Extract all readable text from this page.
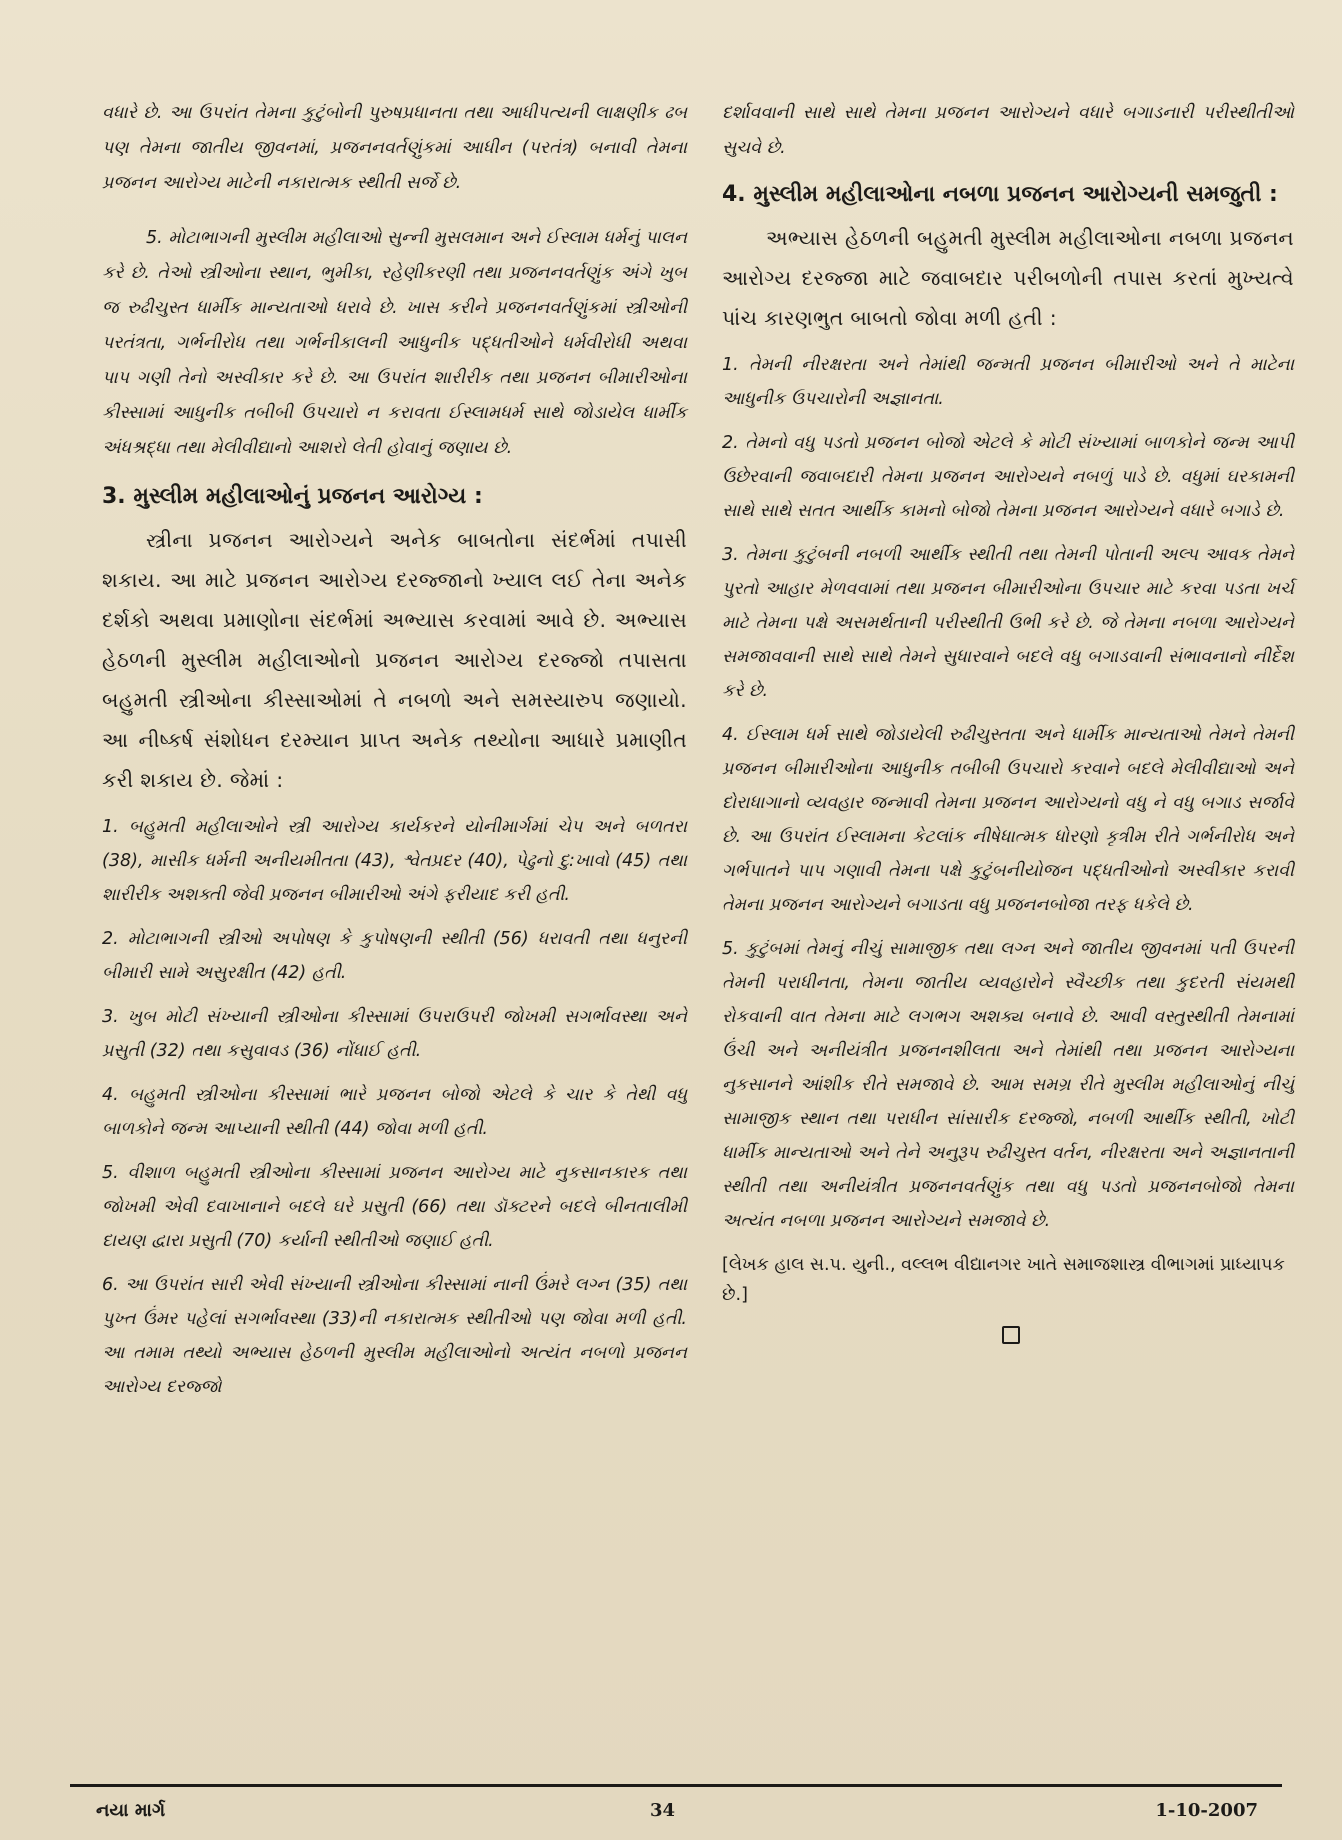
વધારે છે. આ ઉપરાંત તેમના કુટુંબોની પુરુષપ્રધાનતા તથા આધીપત્યની લાક્ષણીક ઢબ પણ તેમના જાતીય જીવનમાં, પ્રજનનવર્તણુંકમાં આધીન (પરતંત્ર) બનાવી તેમના પ્રજનન આરોગ્ય માટેની નકારાત્મક સ્થીતી સર્જે છે.

5. મોટાભાગની મુસ્લીમ મહીલાઓ સુન્ની મુસલમાન અને ઈસ્લામ ધર્મનું પાલન કરે છે. તેઓ સ્ત્રીઓના સ્થાન, ભુમીકા, રહેણીકરણી તથા પ્રજનનવર્તણુંક અંગે ખુબ જ રુઢીચુસ્ત ધાર્મીક માન્યતાઓ ધરાવે છે. ખાસ કરીને પ્રજનનવર્તણુંકમાં સ્ત્રીઓની પરતંત્રતા, ગર્ભનીરોધ તથા ગર્ભનીકાલની આધુનીક પદ્ધતીઓને ધર્મવીરોધી અથવા પાપ ગણી તેનો અસ્વીકાર કરે છે. આ ઉપરાંત શારીરીક તથા પ્રજનન બીમારીઓના કીસ્સામાં આધુનીક તબીબી ઉપચારો ન કરાવતા ઈસ્લામધર્મ સાથે જોડાયેલ ધાર્મીક અંધશ્રદ્ધા તથા મેલીવીદ્યાનો આશરો લેતી હોવાનું જણાય છે.

3. મુસ્લીમ મહીલાઓનું પ્રજનન આરોગ્ય :

સ્ત્રીના પ્રજનન આરોગ્યને અનેક બાબતોના સંદર્ભમાં તપાસી શકાય. આ માટે પ્રજનન આરોગ્ય દરજ્જાનો ખ્યાલ લઈ તેના અનેક દર્શકો અથવા પ્રમાણોના સંદર્ભમાં અભ્યાસ કરવામાં આવે છે. અભ્યાસ હેઠળની મુસ્લીમ મહીલાઓનો પ્રજનન આરોગ્ય દરજ્જો તપાસતા બહુમતી સ્ત્રીઓના કીસ્સાઓમાં તે નબળો અને સમસ્યારુપ જણાયો. આ નીષ્કર્ષ સંશોધન દરમ્યાન પ્રાપ્ત અનેક તથ્યોના આધારે પ્રમાણીત કરી શકાય છે. જેમાં :

1. બહુમતી મહીલાઓને સ્ત્રી આરોગ્ય કાર્યકરને યોનીમાર્ગમાં ચેપ અને બળતરા (38), માસીક ધર્મની અનીયમીતતા (43), શ્વેતપ્રદર (40), પેઢુનો દુ:ખાવો (45) તથા શારીરીક અશક્તી જેવી પ્રજનન બીમારીઓ અંગે ફરીયાદ કરી હતી.

2. મોટાભાગની સ્ત્રીઓ અપોષણ કે કુપોષણની સ્થીતી (56) ધરાવતી તથા ધનુરની બીમારી સામે અસુરક્ષીત (42) હતી.

3. ખુબ મોટી સંખ્યાની સ્ત્રીઓના કીસ્સામાં ઉપરાઉપરી જોખમી સગર્ભાવસ્થા અને પ્રસુતી (32) તથા કસુવાવડ (36) નોંધાઈ હતી.

4. બહુમતી સ્ત્રીઓના કીસ્સામાં ભારે પ્રજનન બોજો એટલે કે ચાર કે તેથી વધુ બાળકોને જન્મ આપ્યાની સ્થીતી (44) જોવા મળી હતી.

5. વીશાળ બહુમતી સ્ત્રીઓના કીસ્સામાં પ્રજનન આરોગ્ય માટે નુકસાનકારક તથા જોખમી એવી દવાખાનાને બદલે ઘરે પ્રસુતી (66) તથા ડૉક્ટરને બદલે બીનતાલીમી દાયણ દ્વારા પ્રસુતી (70) કર્યાની સ્થીતીઓ જણાઈ હતી.

6. આ ઉપરાંત સારી એવી સંખ્યાની સ્ત્રીઓના કીસ્સામાં નાની ઉંમરે લગ્ન (35) તથા પુખ્ત ઉંમર પહેલાં સગર્ભાવસ્થા (33)ની નકારાત્મક સ્થીતીઓ પણ જોવા મળી હતી. આ તમામ તથ્યો અભ્યાસ હેઠળની મુસ્લીમ મહીલાઓનો અત્યંત નબળો પ્રજનન આરોગ્ય દરજ્જો

દર્શાવવાની સાથે સાથે તેમના પ્રજનન આરોગ્યને વધારે બગાડનારી પરીસ્થીતીઓ સુચવે છે.

4. મુસ્લીમ મહીલાઓના નબળા પ્રજનન આરોગ્યની સમજુતી :

અભ્યાસ હેઠળની બહુમતી મુસ્લીમ મહીલાઓના નબળા પ્રજનન આરોગ્ય દરજ્જા માટે જવાબદાર પરીબળોની તપાસ કરતાં મુખ્યત્વે પાંચ કારણભુત બાબતો જોવા મળી હતી :

1. તેમની નીરક્ષરતા અને તેમાંથી જન્મતી પ્રજનન બીમારીઓ અને તે માટેના આધુનીક ઉપચારોની અજ્ઞાનતા.

2. તેમનો વધુ પડતો પ્રજનન બોજો એટલે કે મોટી સંખ્યામાં બાળકોને જન્મ આપી ઉછેરવાની જવાબદારી તેમના પ્રજનન આરોગ્યને નબળું પાડે છે. વધુમાં ઘરકામની સાથે સાથે સતત આર્થીક કામનો બોજો તેમના પ્રજનન આરોગ્યને વધારે બગાડે છે.

3. તેમના કુટુંબની નબળી આર્થીક સ્થીતી તથા તેમની પોતાની અલ્પ આવક તેમને પુરતો આહાર મેળવવામાં તથા પ્રજનન બીમારીઓના ઉપચાર માટે કરવા પડતા ખર્ચ માટે તેમના પક્ષે અસમર્થતાની પરીસ્થીતી ઉભી કરે છે. જે તેમના નબળા આરોગ્યને સમજાવવાની સાથે સાથે તેમને સુધારવાને બદલે વધુ બગાડવાની સંભાવનાનો નીર્દેશ કરે છે.

4. ઈસ્લામ ધર્મ સાથે જોડાયેલી રુઢીચુસ્તતા અને ધાર્મીક માન્યતાઓ તેમને તેમની પ્રજનન બીમારીઓના આધુનીક તબીબી ઉપચારો કરવાને બદલે મેલીવીદ્યાઓ અને દોરાધાગાનો વ્યવહાર જન્માવી તેમના પ્રજનન આરોગ્યનો વધુ ને વધુ બગાડ સર્જાવે છે. આ ઉપરાંત ઈસ્લામના કેટલાંક નીષેધાત્મક ધોરણો કૃત્રીમ રીતે ગર્ભનીરોધ અને ગર્ભપાતને પાપ ગણાવી તેમના પક્ષે કુટુંબનીયોજન પદ્ધતીઓનો અસ્વીકાર કરાવી તેમના પ્રજનન આરોગ્યને બગાડતા વધુ પ્રજનનબોજા તરફ ધકેલે છે.

5. કુટુંબમાં તેમનું નીચું સામાજીક તથા લગ્ન અને જાતીય જીવનમાં પતી ઉપરની તેમની પરાધીનતા, તેમના જાતીય વ્યવહારોને સ્વૈચ્છીક તથા કુદરતી સંયમથી રોકવાની વાત તેમના માટે લગભગ અશક્ય બનાવે છે. આવી વસ્તુસ્થીતી તેમનામાં ઉંચી અને અનીયંત્રીત પ્રજનનશીલતા અને તેમાંથી તથા પ્રજનન આરોગ્યના નુકસાનને આંશીક રીતે સમજાવે છે. આમ સમગ્ર રીતે મુસ્લીમ મહીલાઓનું નીચું સામાજીક સ્થાન તથા પરાધીન સાંસારીક દરજ્જો, નબળી આર્થીક સ્થીતી, ખોટી ધાર્મીક માન્યતાઓ અને તેને અનુરૂપ રુઢીચુસ્ત વર્તન, નીરક્ષરતા અને અજ્ઞાનતાની સ્થીતી તથા અનીયંત્રીત પ્રજનનવર્તણુંક તથા વધુ પડતો પ્રજનનબોજો તેમના અત્યંત નબળા પ્રજનન આરોગ્યને સમજાવે છે.

[લેખક હાલ સ.પ. યુની., વલ્લભ વીદ્યાનગર ખાતે સમાજશાસ્ત્ર વીભાગમાં પ્રાધ્યાપક છે.]

નયા માર્ગ	34	1-10-2007
